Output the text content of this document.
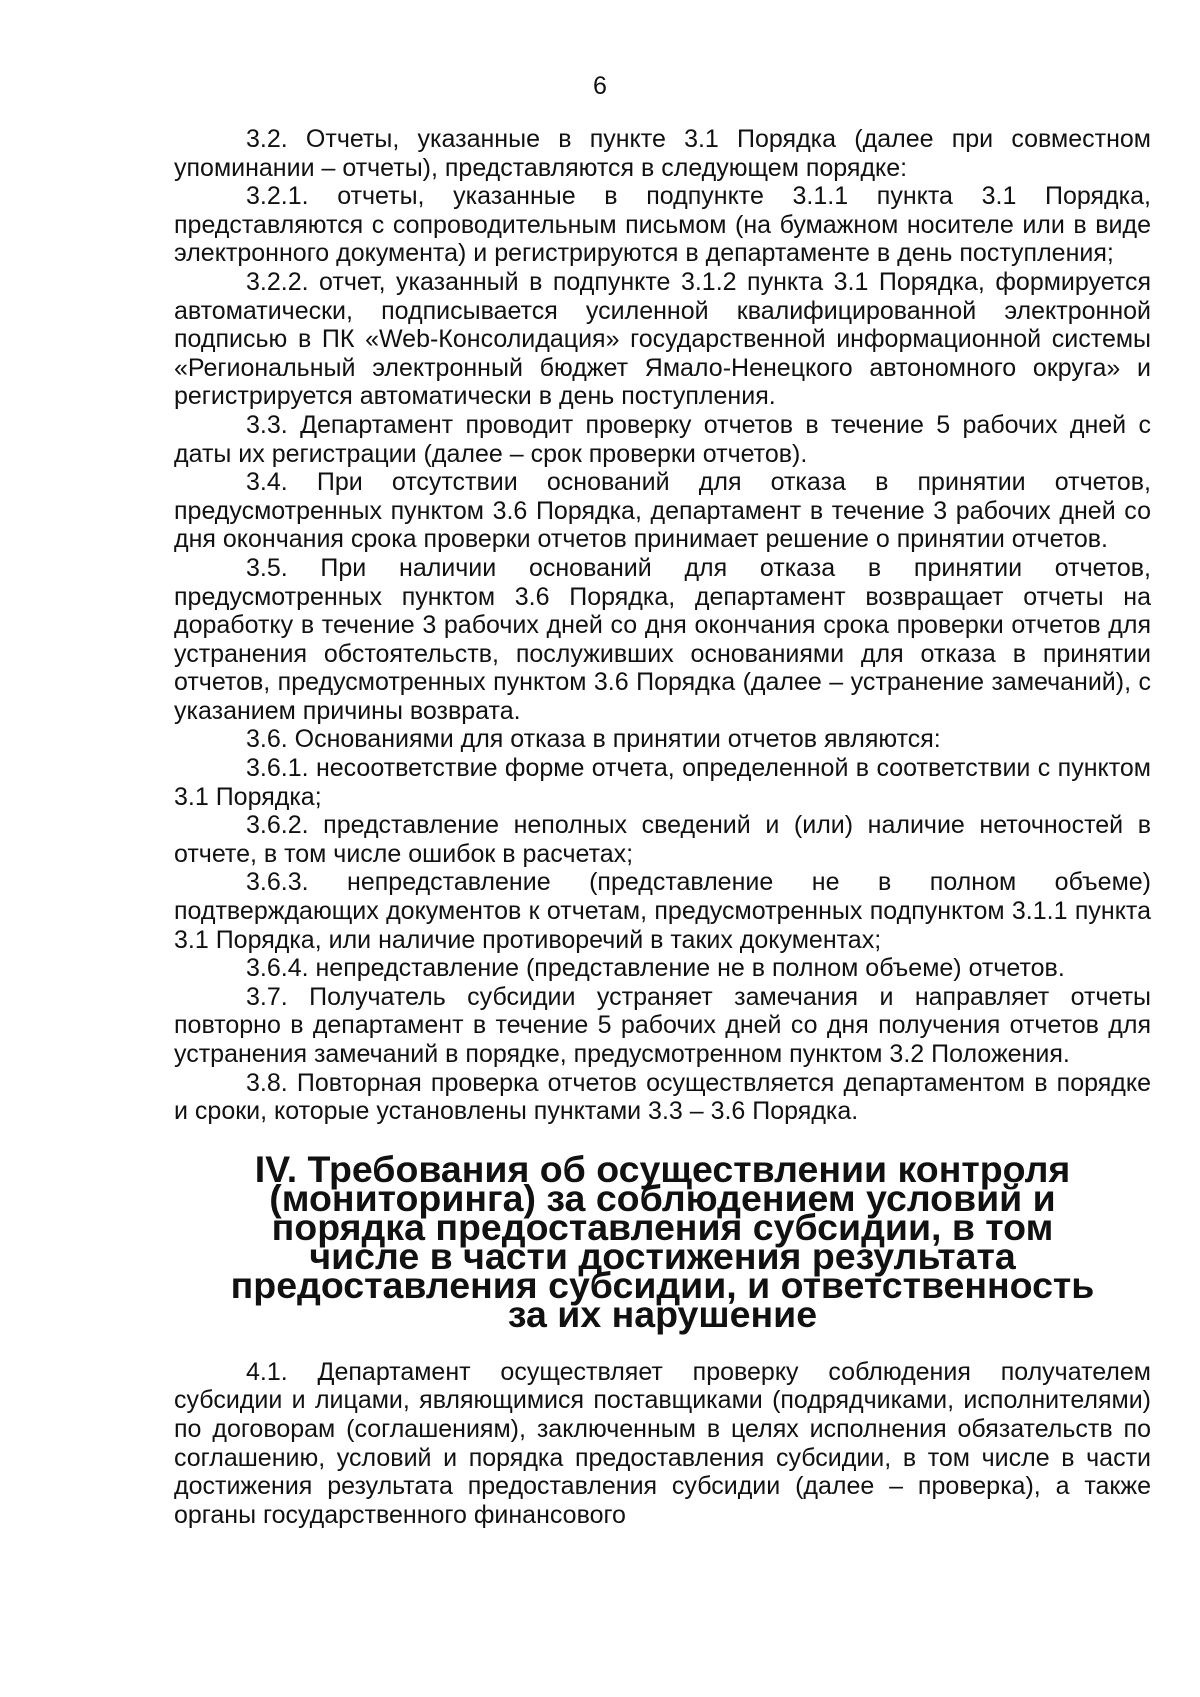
6

3.2. Отчеты, указанные в пункте 3.1 Порядка (далее при совместном упоминании – отчеты), представляются в следующем порядке:

3.2.1. отчеты, указанные в подпункте 3.1.1 пункта 3.1 Порядка, представляются с сопроводительным письмом (на бумажном носителе или в виде электронного документа) и регистрируются в департаменте в день поступления;

3.2.2. отчет, указанный в подпункте 3.1.2 пункта 3.1 Порядка, формируется автоматически, подписывается усиленной квалифицированной электронной подписью в ПК «Web-Консолидация» государственной информационной системы «Региональный электронный бюджет Ямало-Ненецкого автономного округа» и регистрируется автоматически в день поступления.

3.3. Департамент проводит проверку отчетов в течение 5 рабочих дней с даты их регистрации (далее – срок проверки отчетов).

3.4. При отсутствии оснований для отказа в принятии отчетов, предусмотренных пунктом 3.6 Порядка, департамент в течение 3 рабочих дней со дня окончания срока проверки отчетов принимает решение о принятии отчетов.

3.5. При наличии оснований для отказа в принятии отчетов, предусмотренных пунктом 3.6 Порядка, департамент возвращает отчеты на доработку в течение 3 рабочих дней со дня окончания срока проверки отчетов для устранения обстоятельств, послуживших основаниями для отказа в принятии отчетов, предусмотренных пунктом 3.6 Порядка (далее – устранение замечаний), с указанием причины возврата.

3.6. Основаниями для отказа в принятии отчетов являются:

3.6.1. несоответствие форме отчета, определенной в соответствии с пунктом 3.1 Порядка;

3.6.2. представление неполных сведений и (или) наличие неточностей в отчете, в том числе ошибок в расчетах;

3.6.3. непредставление (представление не в полном объеме) подтверждающих документов к отчетам, предусмотренных подпунктом 3.1.1 пункта 3.1 Порядка, или наличие противоречий в таких документах;

3.6.4. непредставление (представление не в полном объеме) отчетов.

3.7. Получатель субсидии устраняет замечания и направляет отчеты повторно в департамент в течение 5 рабочих дней со дня получения отчетов для устранения замечаний в порядке, предусмотренном пунктом 3.2 Положения.

3.8. Повторная проверка отчетов осуществляется департаментом в порядке и сроки, которые установлены пунктами 3.3 – 3.6 Порядка.

IV. Требования об осуществлении контроля (мониторинга) за соблюдением условий и порядка предоставления субсидии, в том числе в части достижения результата предоставления субсидии, и ответственность за их нарушение

4.1. Департамент осуществляет проверку соблюдения получателем субсидии и лицами, являющимися поставщиками (подрядчиками, исполнителями) по договорам (соглашениям), заключенным в целях исполнения обязательств по соглашению, условий и порядка предоставления субсидии, в том числе в части достижения результата предоставления субсидии (далее – проверка), а также органы государственного финансового
